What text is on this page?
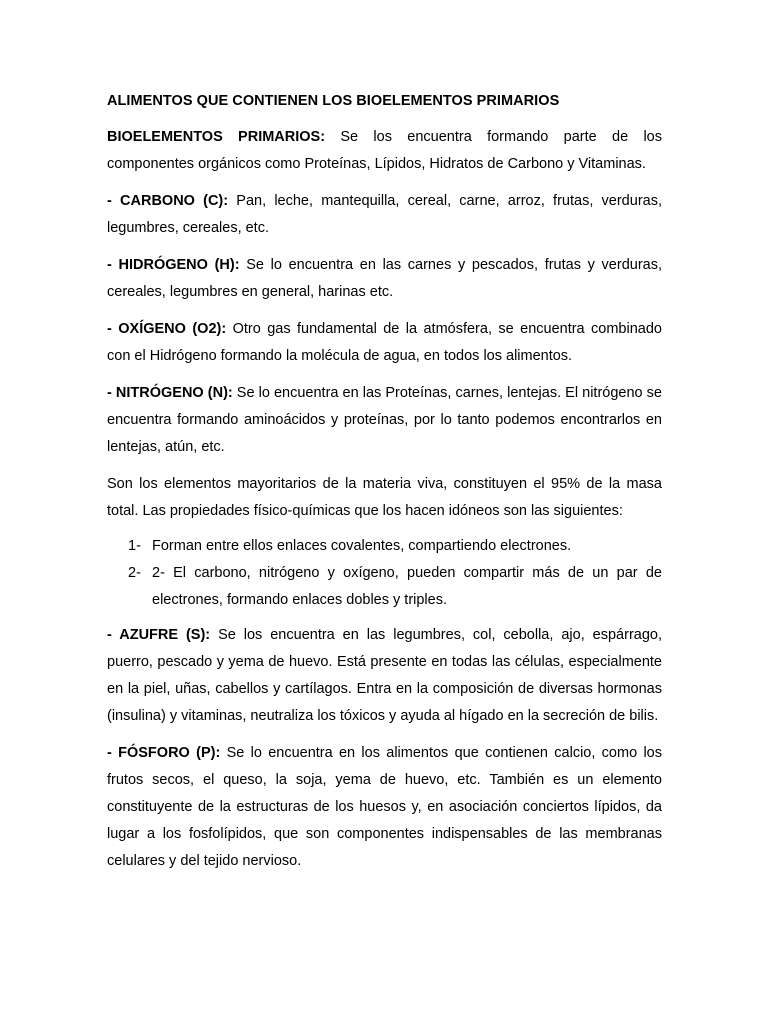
ALIMENTOS QUE CONTIENEN LOS BIOELEMENTOS PRIMARIOS

BIOELEMENTOS PRIMARIOS: Se los encuentra formando parte de los componentes orgánicos como Proteínas, Lípidos, Hidratos de Carbono y Vitaminas.

- CARBONO (C): Pan, leche, mantequilla, cereal, carne, arroz, frutas, verduras, legumbres, cereales, etc.

- HIDRÓGENO (H): Se lo encuentra en las carnes y pescados, frutas y verduras, cereales, legumbres en general, harinas etc.

- OXÍGENO (O2): Otro gas fundamental de la atmósfera, se encuentra combinado con el Hidrógeno formando la molécula de agua, en todos los alimentos.

- NITRÓGENO (N): Se lo encuentra en las Proteínas, carnes, lentejas. El nitrógeno se encuentra formando aminoácidos y proteínas, por lo tanto podemos encontrarlos en lentejas, atún, etc.

Son los elementos mayoritarios de la materia viva, constituyen el 95% de la masa total. Las propiedades físico-químicas que los hacen idóneos son las siguientes:

1- Forman entre ellos enlaces covalentes, compartiendo electrones.
2- 2- El carbono, nitrógeno y oxígeno, pueden compartir más de un par de electrones, formando enlaces dobles y triples.

- AZUFRE (S): Se los encuentra en las legumbres, col, cebolla, ajo, espárrago, puerro, pescado y yema de huevo. Está presente en todas las células, especialmente en la piel, uñas, cabellos y cartílagos. Entra en la composición de diversas hormonas (insulina) y vitaminas, neutraliza los tóxicos y ayuda al hígado en la secreción de bilis.

- FÓSFORO (P): Se lo encuentra en los alimentos que contienen calcio, como los frutos secos, el queso, la soja, yema de huevo, etc. También es un elemento constituyente de la estructuras de los huesos y, en asociación conciertos lípidos, da lugar a los fosfolípidos, que son componentes indispensables de las membranas celulares y del tejido nervioso.
